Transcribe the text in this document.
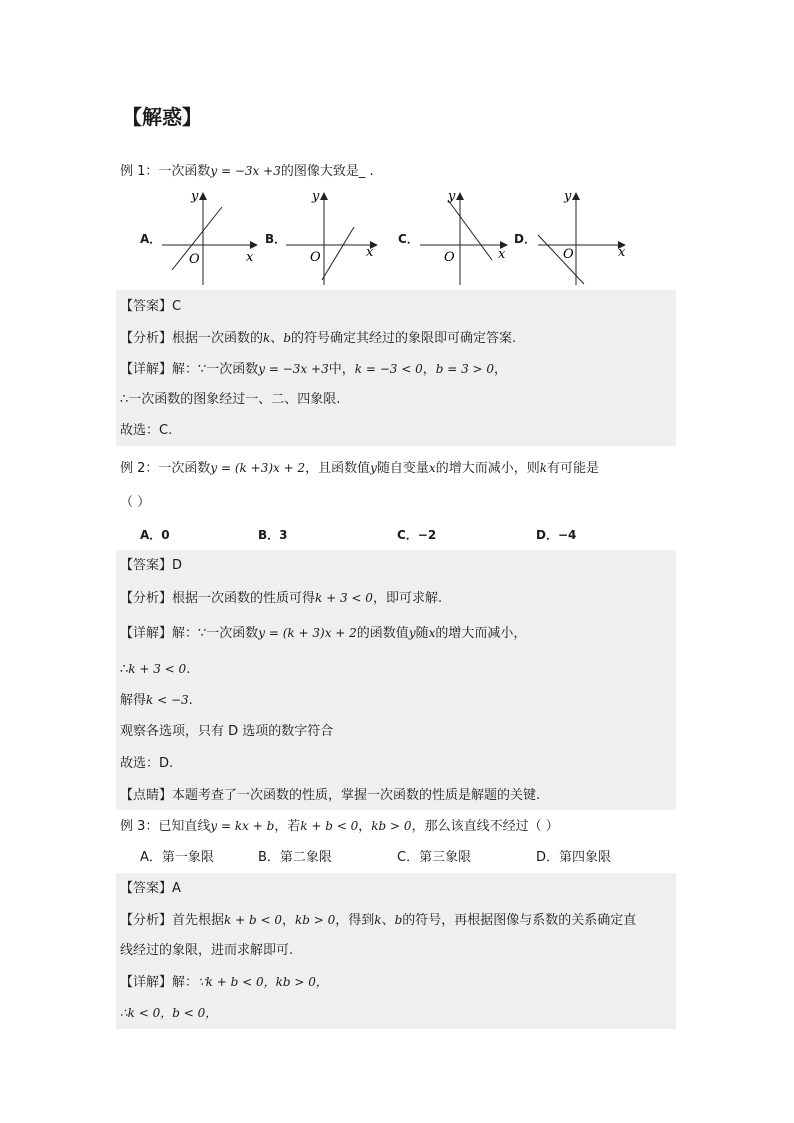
【解惑】
例 1：一次函数y = −3x +3的图像大致是_ .
A．	B．	C．	D．
y
x
O
y
x
O
y
x
O
y
x
O
【答案】C
【分析】根据一次函数的k、b的符号确定其经过的象限即可确定答案.
【详解】解：∵一次函数y = −3x +3中，k = −3 < 0，b = 3 > 0，
∴一次函数的图象经过一、二、四象限.
故选：C.
例 2：一次函数y = (k +3)x + 2，且函数值y随自变量x的增大而减小，则k有可能是
（ ）
A．0	B．3	C．−2	D．−4
【答案】D
【分析】根据一次函数的性质可得k + 3 < 0，即可求解.
【详解】解：∵一次函数y = (k + 3)x + 2的函数值y随x的增大而减小，
∴k + 3 < 0.
解得k < −3.
观察各选项，只有 D 选项的数字符合
故选：D.
【点睛】本题考查了一次函数的性质，掌握一次函数的性质是解题的关键.
例 3：已知直线y = kx + b，若k + b < 0，kb > 0，那么该直线不经过（ ）
A．第一象限	B．第二象限	C．第三象限	D．第四象限
【答案】A
【分析】首先根据k + b < 0，kb > 0，得到k、b的符号，再根据图像与系数的关系确定直
线经过的象限，进而求解即可.
【详解】解：∵k + b < 0，kb > 0，
∴k < 0，b < 0，
